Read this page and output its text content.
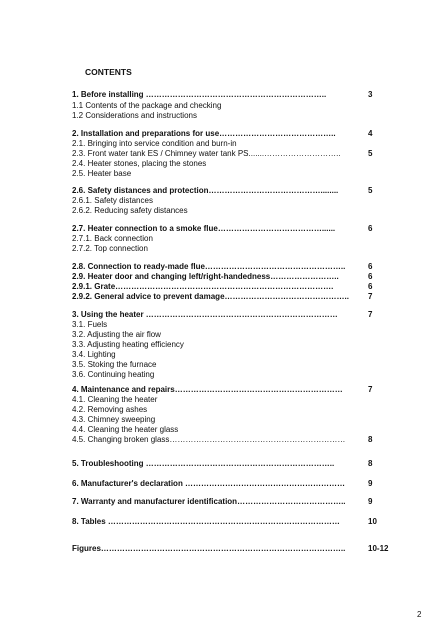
CONTENTS
1. Before installing …………………………………………………………..	3
1.1 Contents of the package and checking
1.2 Considerations and instructions
2. Installation and preparations for use……………………………………..	4
2.1. Bringing into service condition and burn-in
2.3. Front water tank ES / Chimney water tank PS.......………………………..	5
2.4. Heater stones, placing the stones
2.5. Heater base
2.6. Safety distances and protection……………………………………........	5
2.6.1. Safety distances
2.6.2. Reducing safety distances
2.7. Heater connection to a smoke flue…………………………………......	6
2.7.1. Back connection
2.7.2. Top connection
2.8. Connection to ready-made flue……………………………………………..	6
2.9. Heater door and changing left/right-handedness……………………..	6
2.9.1. Grate……………………………………………………………………….	6
2.9.2. General advice to prevent damage……………………………………….. 7
3. Using the heater ………………………………………………………………	7
3.1. Fuels
3.2. Adjusting the air flow
3.3. Adjusting heating efficiency
3.4. Lighting
3.5. Stoking the furnace
3.6. Continuing heating
4. Maintenance and repairs………………………………………………………	7
4.1. Cleaning the heater
4.2. Removing ashes
4.3. Chimney sweeping
4.4. Cleaning the heater glass
4.5. Changing broken glass…………………………………………………………	8
5. Troubleshooting ……………………………………………………………..	8
6. Manufacturer's declaration ……………………………………………………	9
7. Warranty and manufacturer identification…………………………………..	9
8. Tables ……………………………………………………………………………	10
Figures………………………………………………………………………………..	10-12
2
